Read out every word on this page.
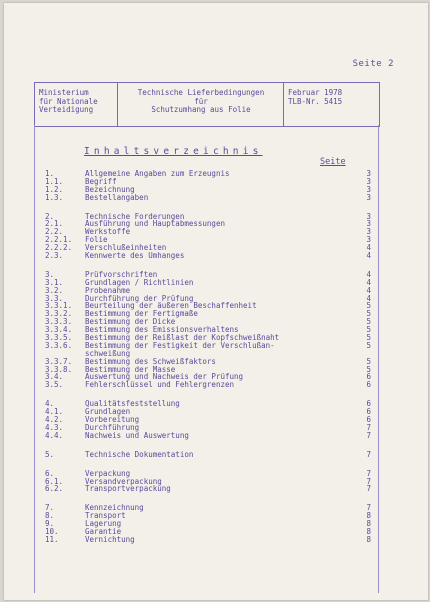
Seite 2
Ministerium
für Nationale
Verteidigung
Technische Lieferbedingungen
für
Schutzumhang aus Folie
Februar 1978
TLB-Nr. 5415
Inhaltsverzeichnis
Seite
1.	Allgemeine Angaben zum Erzeugnis	3
1.1.	Begriff	3
1.2.	Bezeichnung	3
1.3.	Bestellangaben	3
2.	Technische Forderungen	3
2.1.	Ausführung und Hauptabmessungen	3
2.2.	Werkstoffe	3
2.2.1. Folie	3
2.2.2. Verschlußeinheiten	4
2.3.	Kennwerte des Umhanges	4
3.	Prüfvorschriften	4
3.1.	Grundlagen / Richtlinien	4
3.2.	Probenahme	4
3.3.	Durchführung der Prüfung	4
3.3.1. Beurteilung der äußeren Beschaffenheit	5
3.3.2. Bestimmung der Fertigmaße	5
3.3.3. Bestimmung der Dicke	5
3.3.4. Bestimmung des Emissionsverhaltens	5
3.3.5. Bestimmung der Reißlast der Kopfschweißnaht	5
3.3.6. Bestimmung der Festigkeit der Verschlußan-	5
schweißung
3.3.7. Bestimmung des Schweißfaktors	5
3.3.8. Bestimmung der Masse	5
3.4.	Auswertung und Nachweis der Prüfung	6
3.5.	Fehlerschlüssel und Fehlergrenzen	6
4.	Qualitätsfeststellung	6
4.1.	Grundlagen	6
4.2.	Vorbereitung	6
4.3.	Durchführung	7
4.4.	Nachweis und Auswertung	7
5.	Technische Dokumentation	7
6.	Verpackung	7
6.1.	Versandverpackung	7
6.2.	Transportverpackung	7
7.	Kennzeichnung	7
8.	Transport	8
9.	Lagerung	8
10.	Garantie	8
11.	Vernichtung	8
